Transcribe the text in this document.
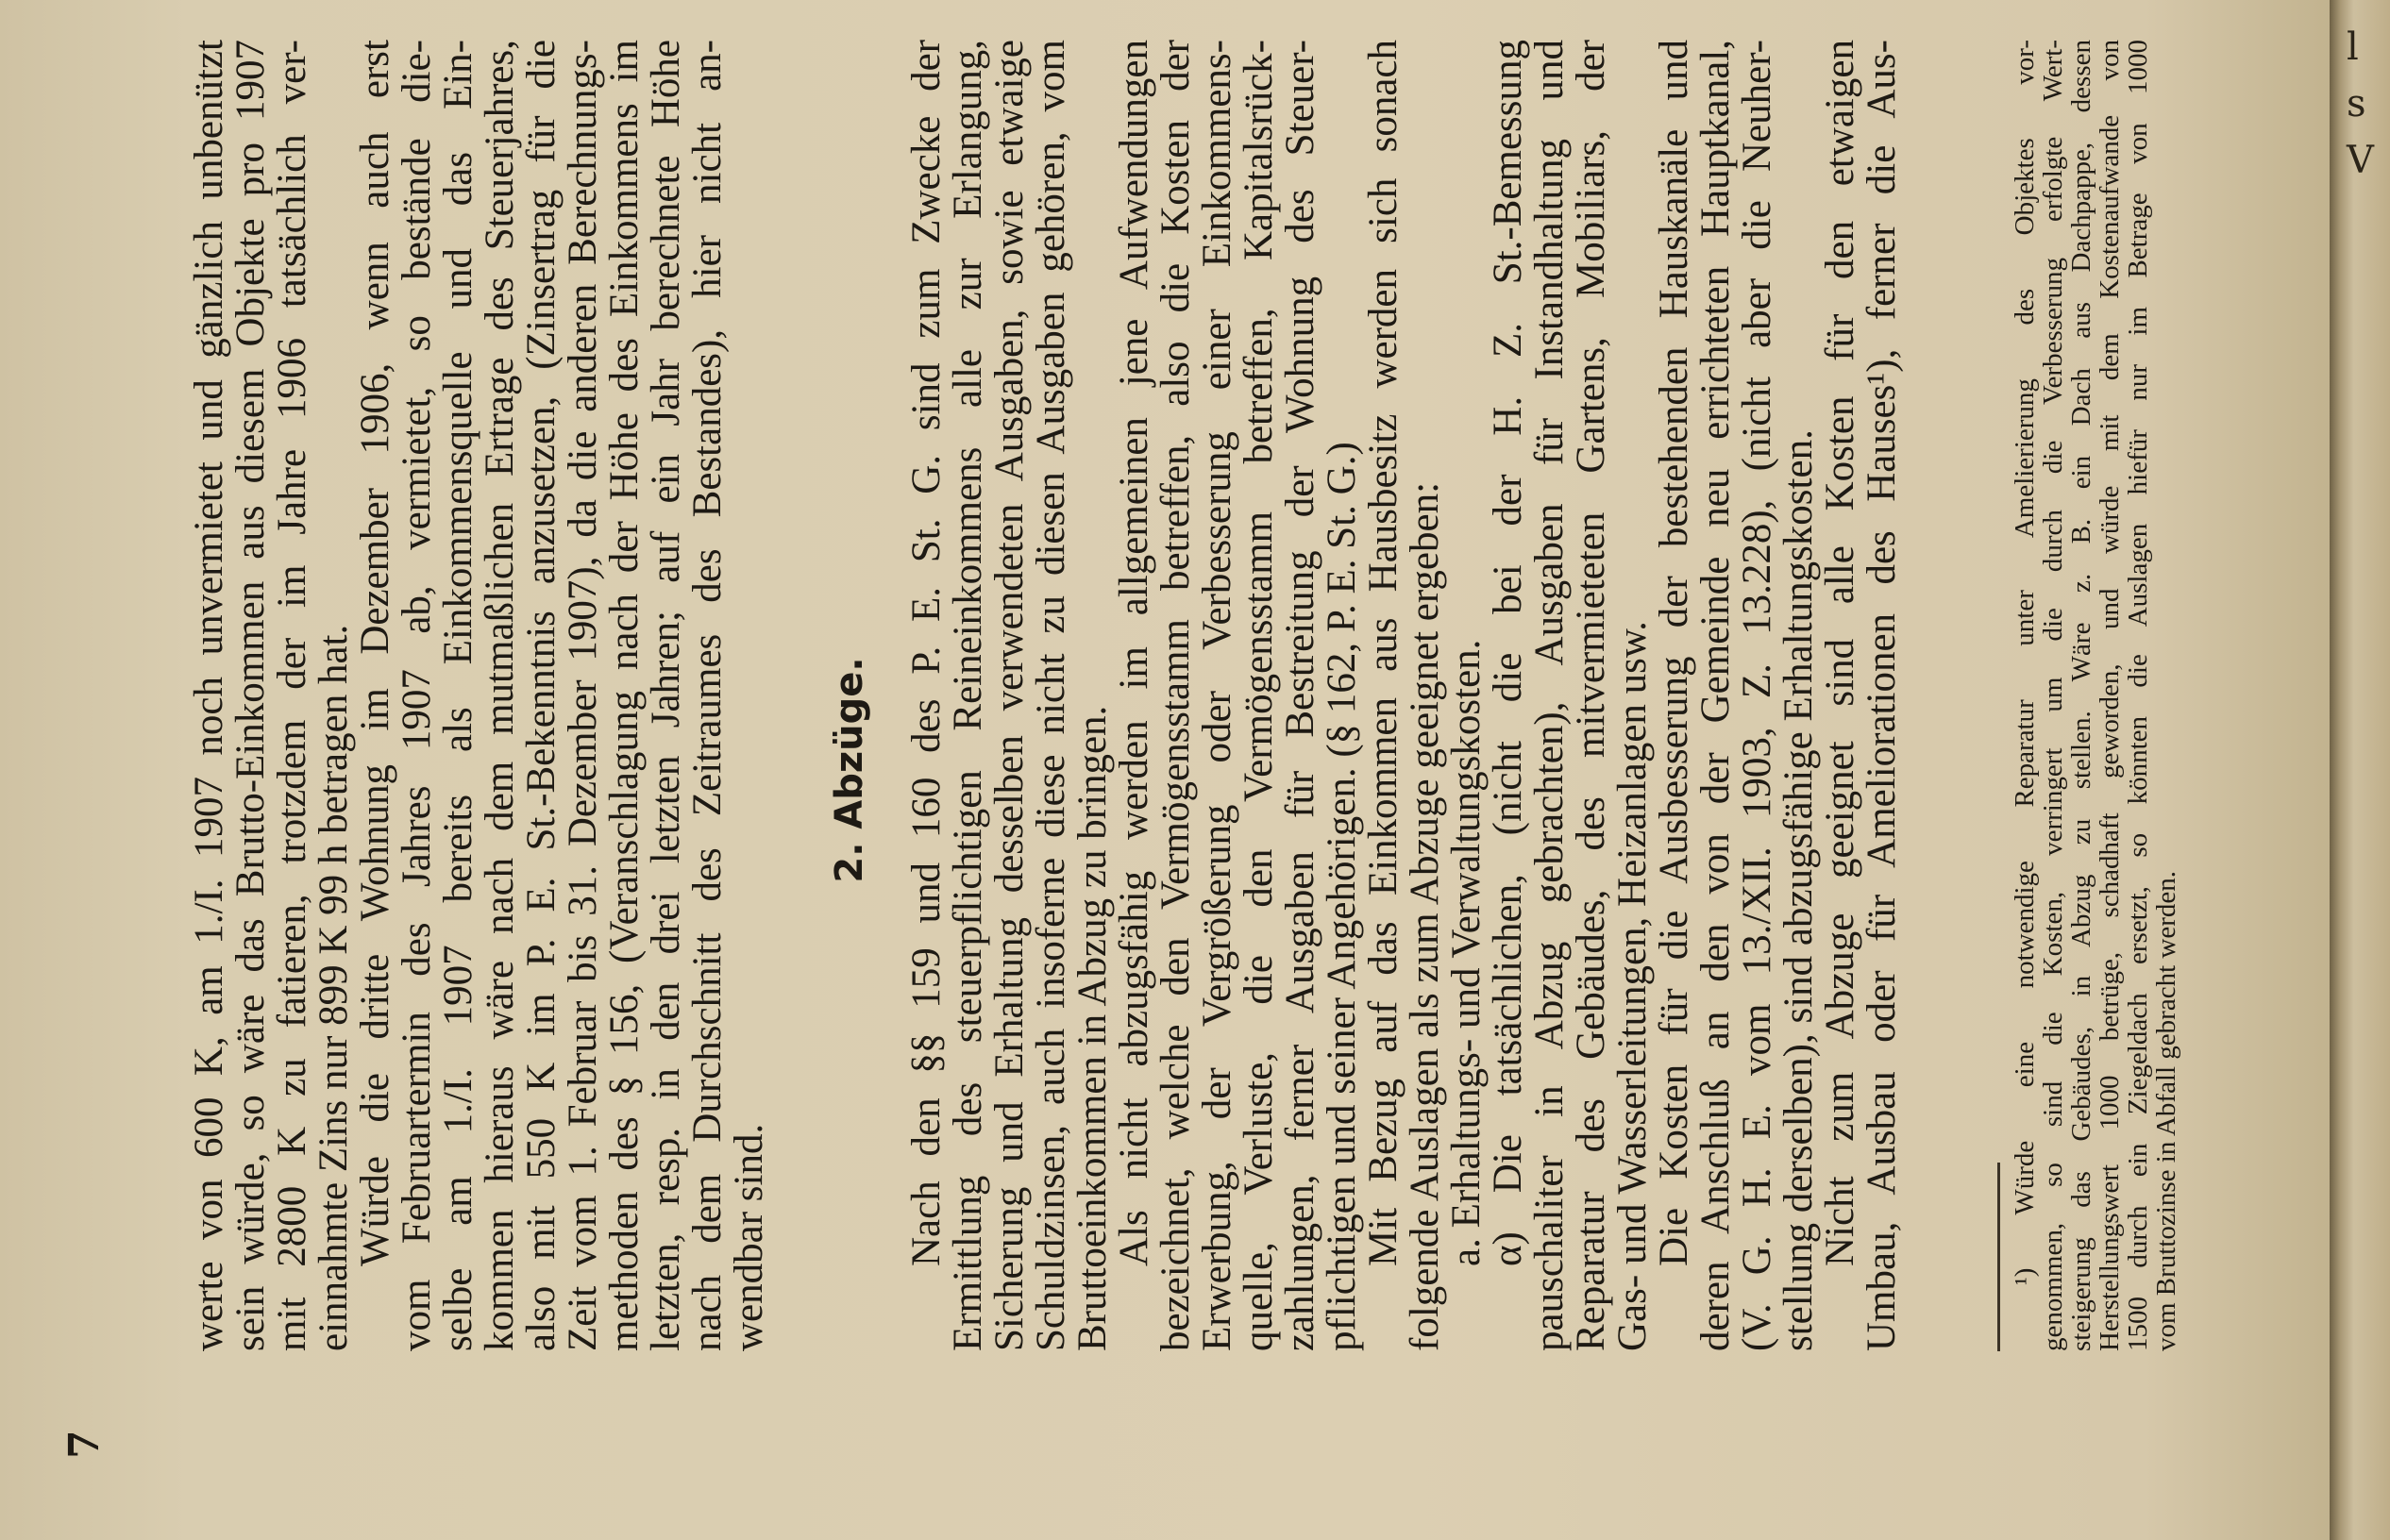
7
werte von 600 K, am 1./I. 1907 noch unvermietet und gänzlich unbenützt
sein würde, so wäre das Brutto-Einkommen aus diesem Objekte pro 1907
mit 2800 K zu fatieren, trotzdem der im Jahre 1906 tatsächlich ver-
einnahmte Zins nur 899 K 99 h betragen hat.
Würde die dritte Wohnung im Dezember 1906, wenn auch erst
vom Februartermin des Jahres 1907 ab, vermietet, so bestände die-
selbe am 1./I. 1907 bereits als Einkommensquelle und das Ein-
kommen hieraus wäre nach dem mutmaßlichen Ertrage des Steuerjahres,
also mit 550 K im P. E. St.-Bekenntnis anzusetzen, (Zinsertrag für die
Zeit vom 1. Februar bis 31. Dezember 1907), da die anderen Berechnungs-
methoden des § 156, (Veranschlagung nach der Höhe des Einkommens im
letzten, resp. in den drei letzten Jahren; auf ein Jahr berechnete Höhe
nach dem Durchschnitt des Zeitraumes des Bestandes), hier nicht an-
wendbar sind.
2. Abzüge. Nach den §§ 159 und 160 des P. E. St. G. sind zum Zwecke der
Ermittlung des steuerpflichtigen Reineinkommens alle zur Erlangung,
Sicherung und Erhaltung desselben verwendeten Ausgaben, sowie etwaige
Schuldzinsen, auch insoferne diese nicht zu diesen Ausgaben gehören, vom
Bruttoeinkommen in Abzug zu bringen.
Als nicht abzugsfähig werden im allgemeinen jene Aufwendungen
bezeichnet, welche den Vermögensstamm betreffen, also die Kosten der
Erwerbung, der Vergrößerung oder Verbesserung einer Einkommens-
quelle, Verluste, die den Vermögensstamm betreffen, Kapitalsrück-
zahlungen, ferner Ausgaben für Bestreitung der Wohnung des Steuer-
pflichtigen und seiner Angehörigen. (§ 162, P. E. St. G.)
Mit Bezug auf das Einkommen aus Hausbesitz werden sich sonach
folgende Auslagen als zum Abzuge geeignet ergeben:
a. Erhaltungs- und Verwaltungskosten.
α) Die tatsächlichen, (nicht die bei der H. Z. St.-Bemessung
pauschaliter in Abzug gebrachten), Ausgaben für Instandhaltung und
Reparatur des Gebäudes, des mitvermieteten Gartens, Mobiliars, der
Gas- und Wasserleitungen, Heizanlagen usw.
Die Kosten für die Ausbesserung der bestehenden Hauskanäle und
deren Anschluß an den von der Gemeinde neu errichteten Hauptkanal,
(V. G. H. E. vom 13./XII. 1903, Z. 13.228), (nicht aber die Neuher-
stellung derselben), sind abzugsfähige Erhaltungskosten.
Nicht zum Abzuge geeignet sind alle Kosten für den etwaigen
Umbau, Ausbau oder für Ameliorationen des Hauses¹), ferner die Aus-	¹) Würde eine notwendige Reparatur unter Amelierierung des Objektes vor-
genommen, so sind die Kosten, verringert um die durch die Verbesserung erfolgte Wert-
steigerung das Gebäudes, in Abzug zu stellen. Wäre z. B. ein Dach aus Dachpappe, dessen
Herstellungswert 1000 betrüge, schadhaft geworden, und würde mit dem Kostenaufwande von
1500 durch ein Ziegeldach ersetzt, so könnten die Auslagen hiefür nur im Betrage von 1000
vom Bruttozinse in Abfall gebracht werden.
l
s
V
